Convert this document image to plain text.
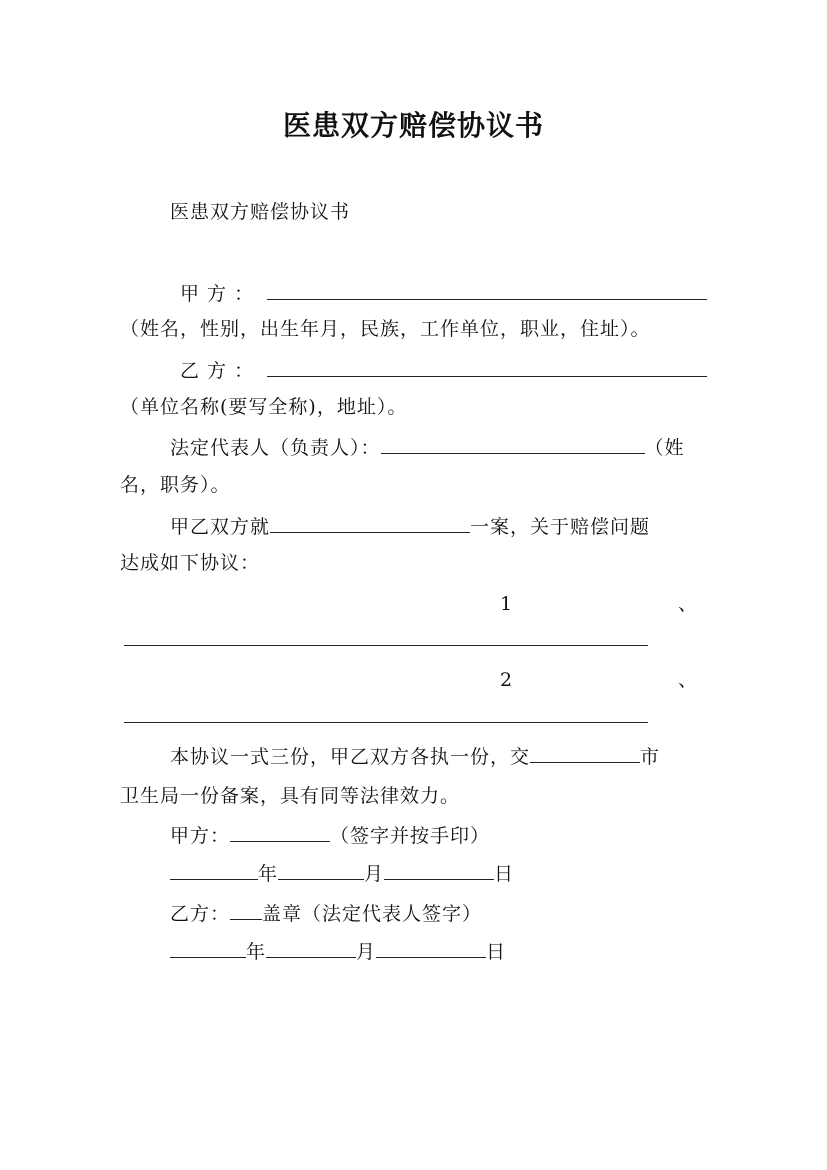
医患双方赔偿协议书
医患双方赔偿协议书
甲 方 ：
（姓名，性别，出生年月，民族，工作单位，职业，住址）。
乙 方 ：
（单位名称(要写全称)，地址）。
法定代表人（负责人）：	（姓
名，职务）。
甲乙双方就	一案，关于赔偿问题
达成如下协议：
1	、
2	、
本协议一式三份，甲乙双方各执一份，交	市
卫生局一份备案，具有同等法律效力。
甲方：	（签字并按手印）
年	月	日
乙方： 盖章（法定代表人签字）
年	月	日
